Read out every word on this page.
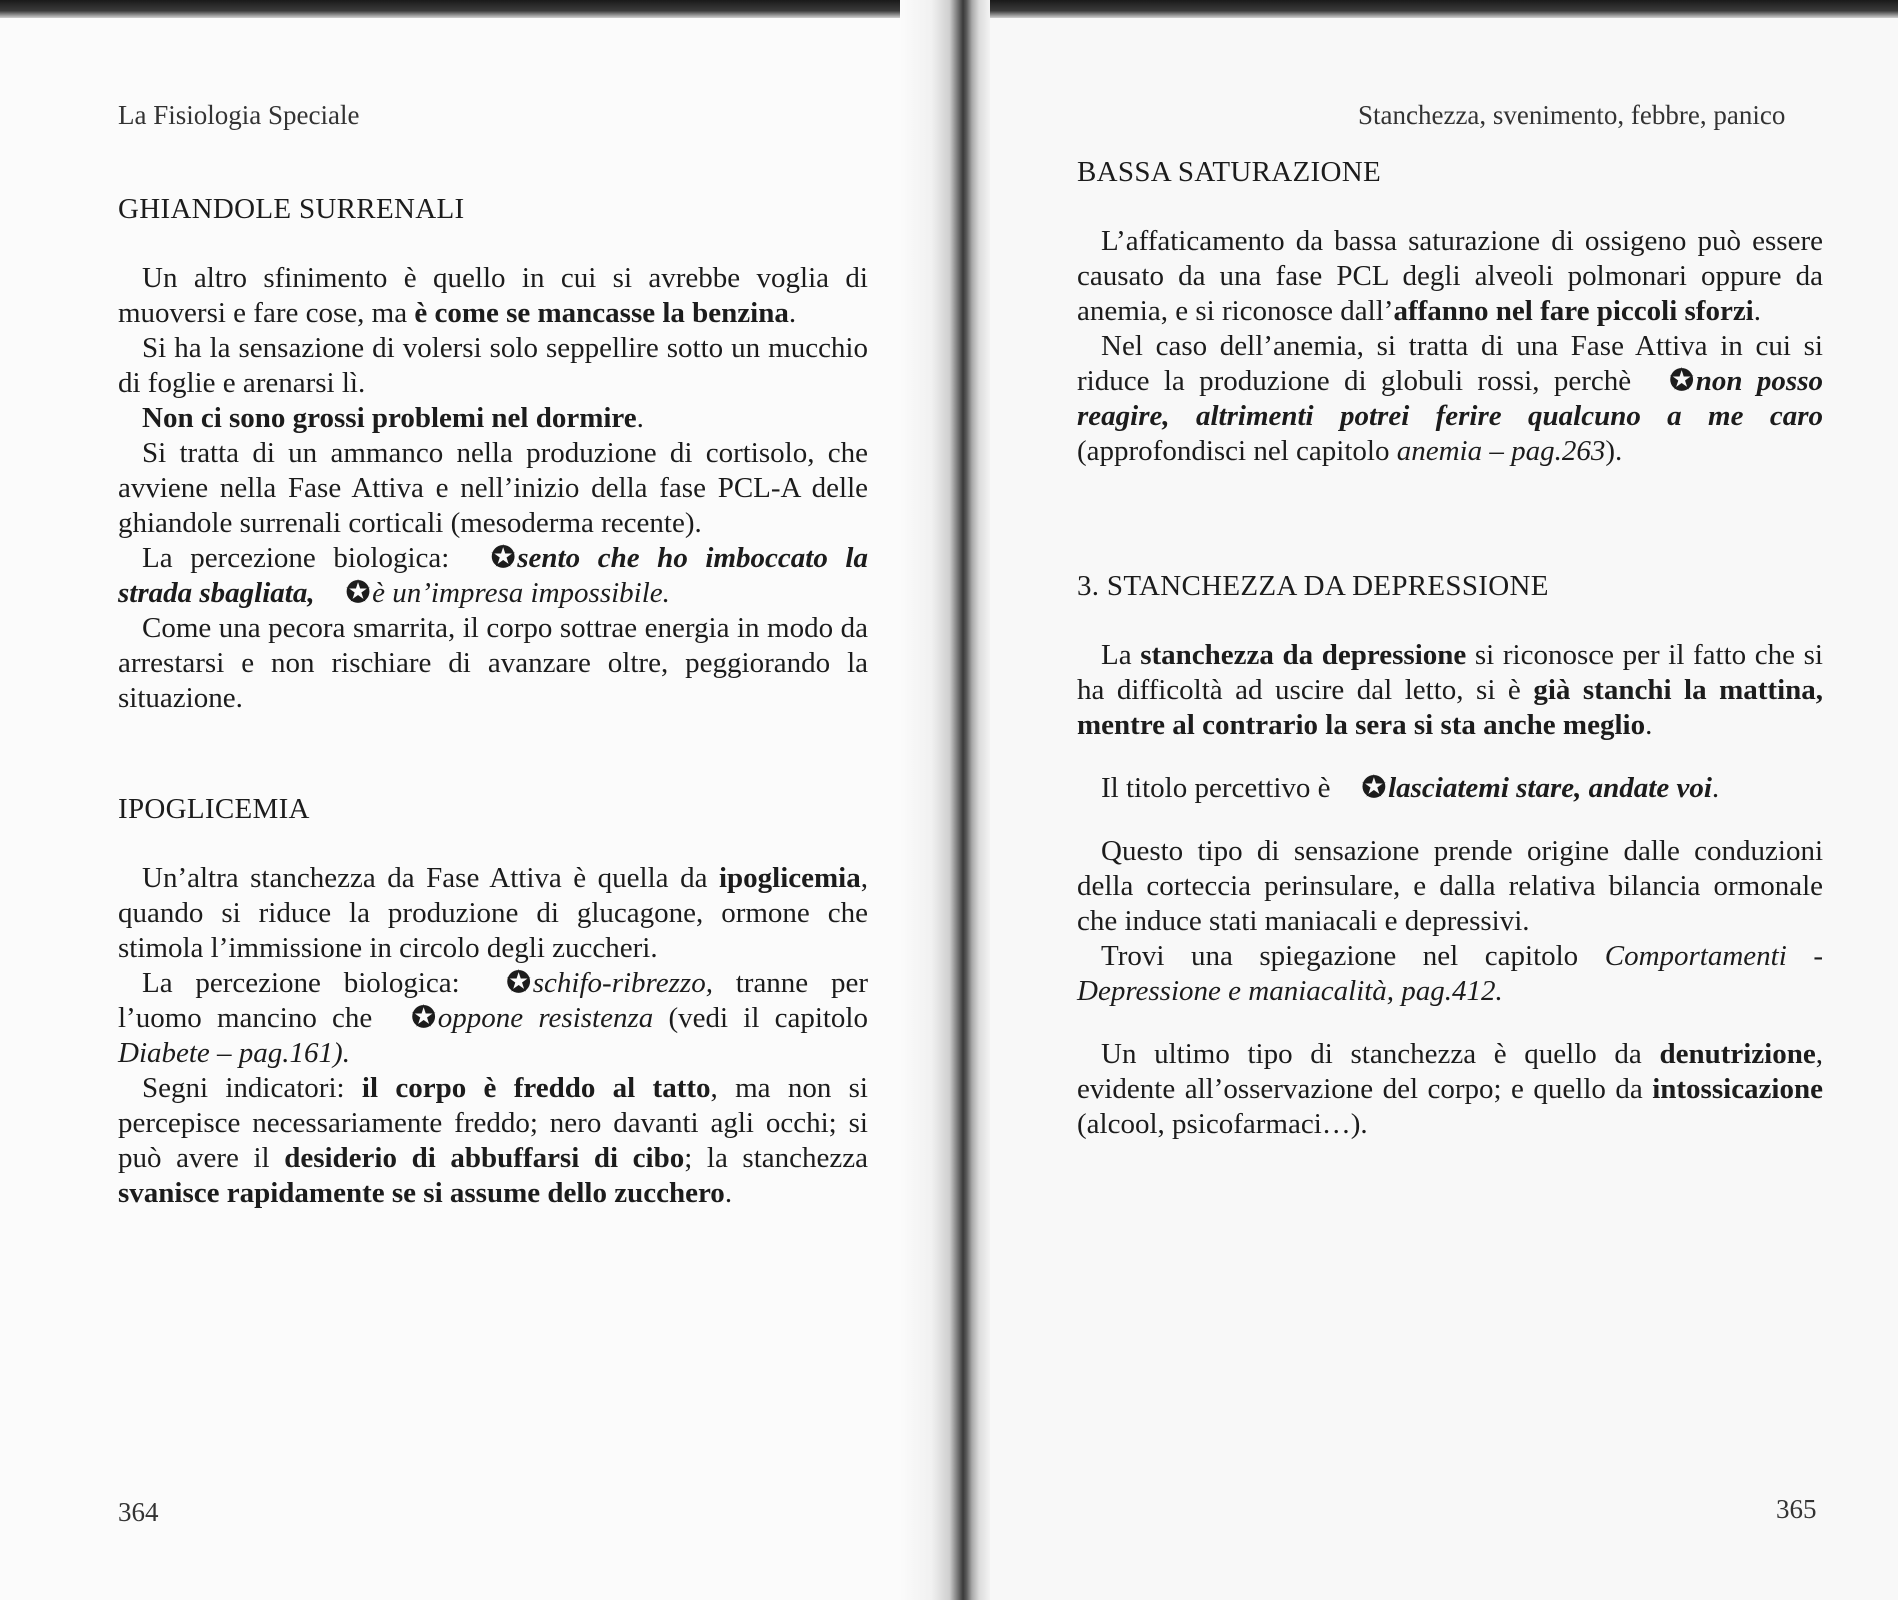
La Fisiologia Speciale
GHIANDOLE SURRENALI

Un altro sfinimento è quello in cui si avrebbe voglia di muoversi e fare cose, ma è come se mancasse la benzina.

Si ha la sensazione di volersi solo seppellire sotto un mucchio di foglie e arenarsi lì.

Non ci sono grossi problemi nel dormire.

Si tratta di un ammanco nella produzione di cortisolo, che avviene nella Fase Attiva e nell’inizio della fase PCL-A delle ghiandole surrenali corticali (mesoderma recente).

La percezione biologica: ✪sento che ho imboccato la strada sbagliata, ✪è un’impresa impossibile.

Come una pecora smarrita, il corpo sottrae energia in modo da arrestarsi e non rischiare di avanzare oltre, peggiorando la situazione.

IPOGLICEMIA

Un’altra stanchezza da Fase Attiva è quella da ipoglicemia, quando si riduce la produzione di glucagone, ormone che stimola l’immissione in circolo degli zuccheri.

La percezione biologica: ✪schifo-ribrezzo, tranne per l’uomo mancino che ✪oppone resistenza (vedi il capitolo Diabete – pag.161).

Segni indicatori: il corpo è freddo al tatto, ma non si percepisce necessariamente freddo; nero davanti agli occhi; si può avere il desiderio di abbuffarsi di cibo; la stanchezza svanisce rapidamente se si assume dello zucchero.

364
Stanchezza, svenimento, febbre, panico
BASSA SATURAZIONE

L’affaticamento da bassa saturazione di ossigeno può essere causato da una fase PCL degli alveoli polmonari oppure da anemia, e si riconosce dall’affanno nel fare piccoli sforzi.

Nel caso dell’anemia, si tratta di una Fase Attiva in cui si riduce la produzione di globuli rossi, perchè ✪non posso reagire, altrimenti potrei ferire qualcuno a me caro (approfondisci nel capitolo anemia – pag.263).

3. STANCHEZZA DA DEPRESSIONE

La stanchezza da depressione si riconosce per il fatto che si ha difficoltà ad uscire dal letto, si è già stanchi la mattina, mentre al contrario la sera si sta anche meglio.

Il titolo percettivo è ✪lasciatemi stare, andate voi.

Questo tipo di sensazione prende origine dalle conduzioni della corteccia perinsulare, e dalla relativa bilancia ormonale che induce stati maniacali e depressivi.

Trovi una spiegazione nel capitolo Comportamenti - Depressione e maniacalità, pag.412.

Un ultimo tipo di stanchezza è quello da denutrizione, evidente all’osservazione del corpo; e quello da intossicazione (alcool, psicofarmaci…).

365
